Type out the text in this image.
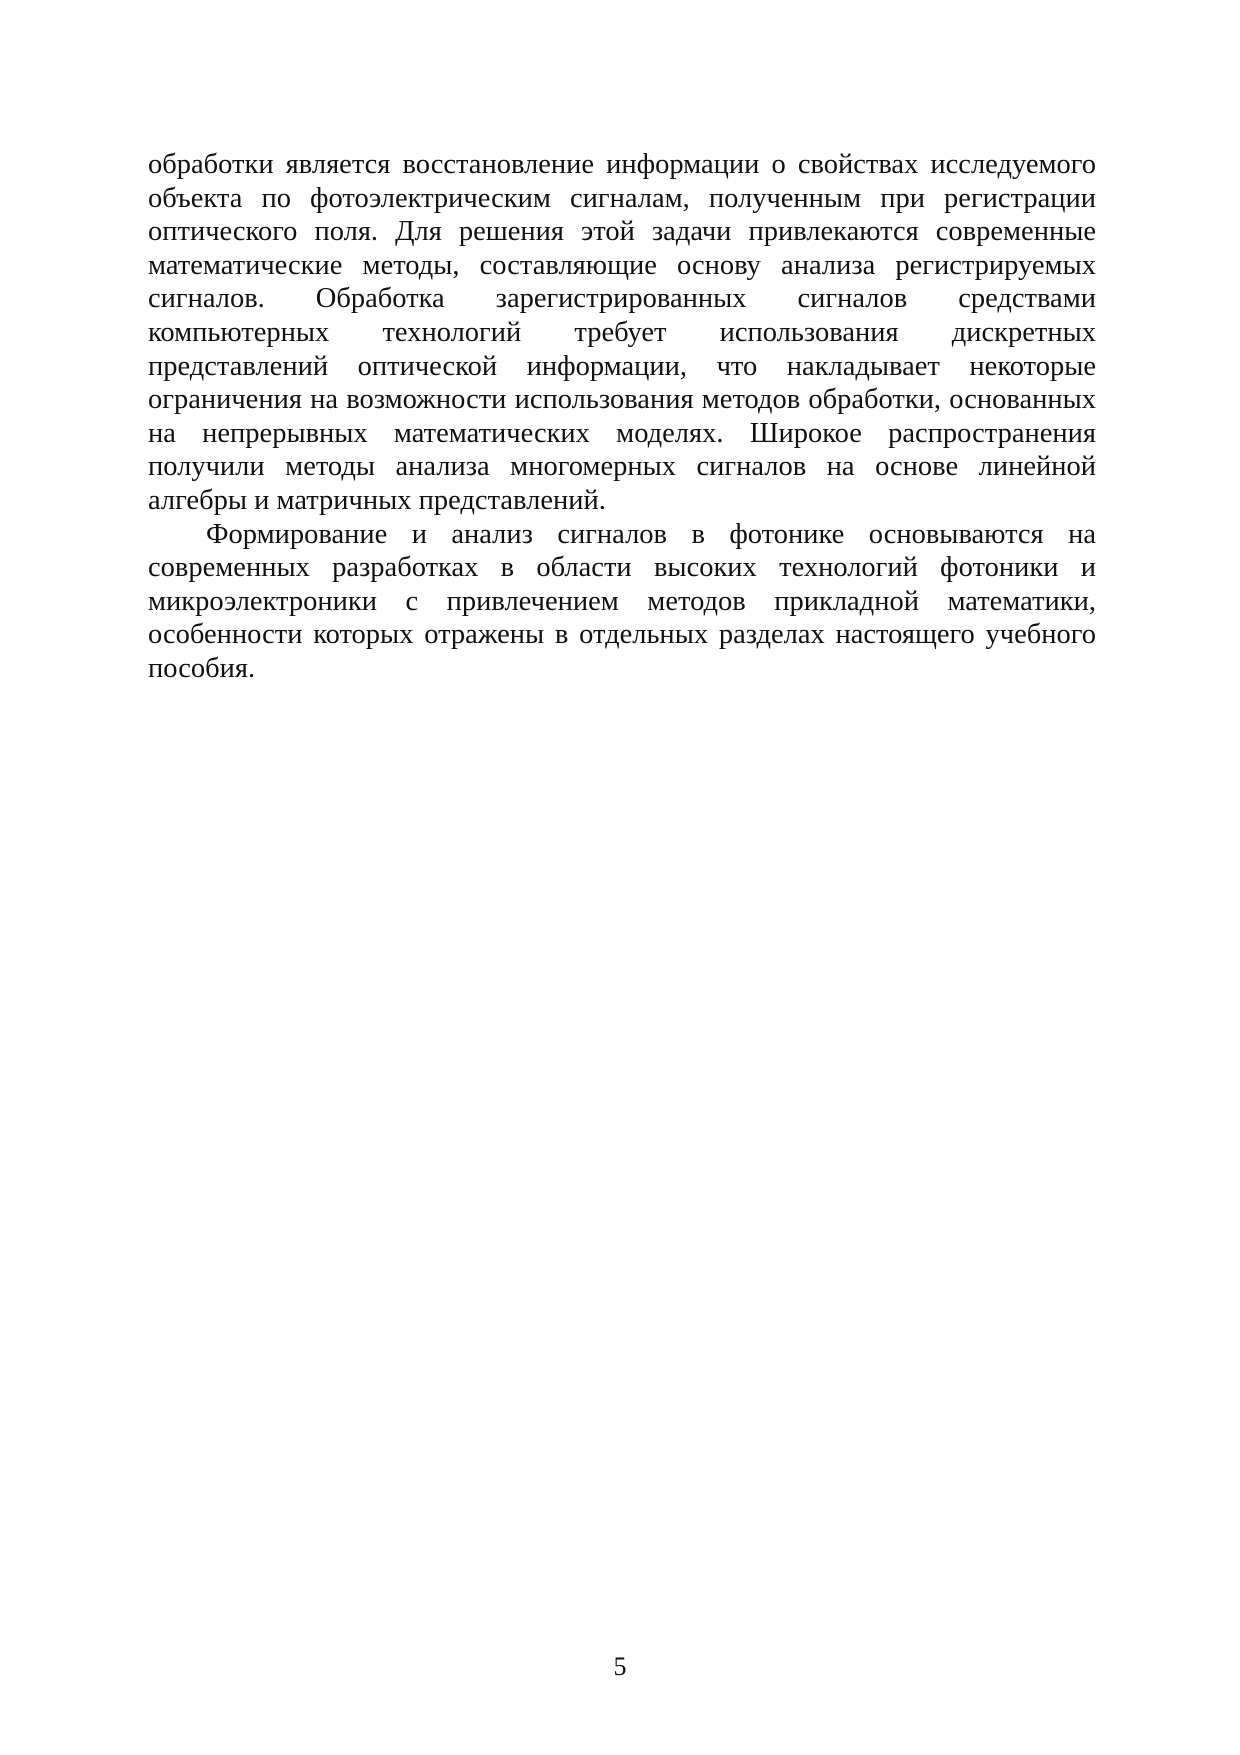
обработки является восстановление информации о свойствах исследуемого объекта по фотоэлектрическим сигналам, полученным при регистрации оптического поля. Для решения этой задачи привлекаются современные математические методы, составляющие основу анализа регистрируемых сигналов. Обработка зарегистрированных сигналов средствами компьютерных технологий требует использования дискретных представлений оптической информации, что накладывает некоторые ограничения на возможности использования методов обработки, основанных на непрерывных математических моделях. Широкое распространения получили методы анализа многомерных сигналов на основе линейной алгебры и матричных представлений.

Формирование и анализ сигналов в фотонике основываются на современных разработках в области высоких технологий фотоники и микроэлектроники с привлечением методов прикладной математики, особенности которых отражены в отдельных разделах настоящего учебного пособия.

5
